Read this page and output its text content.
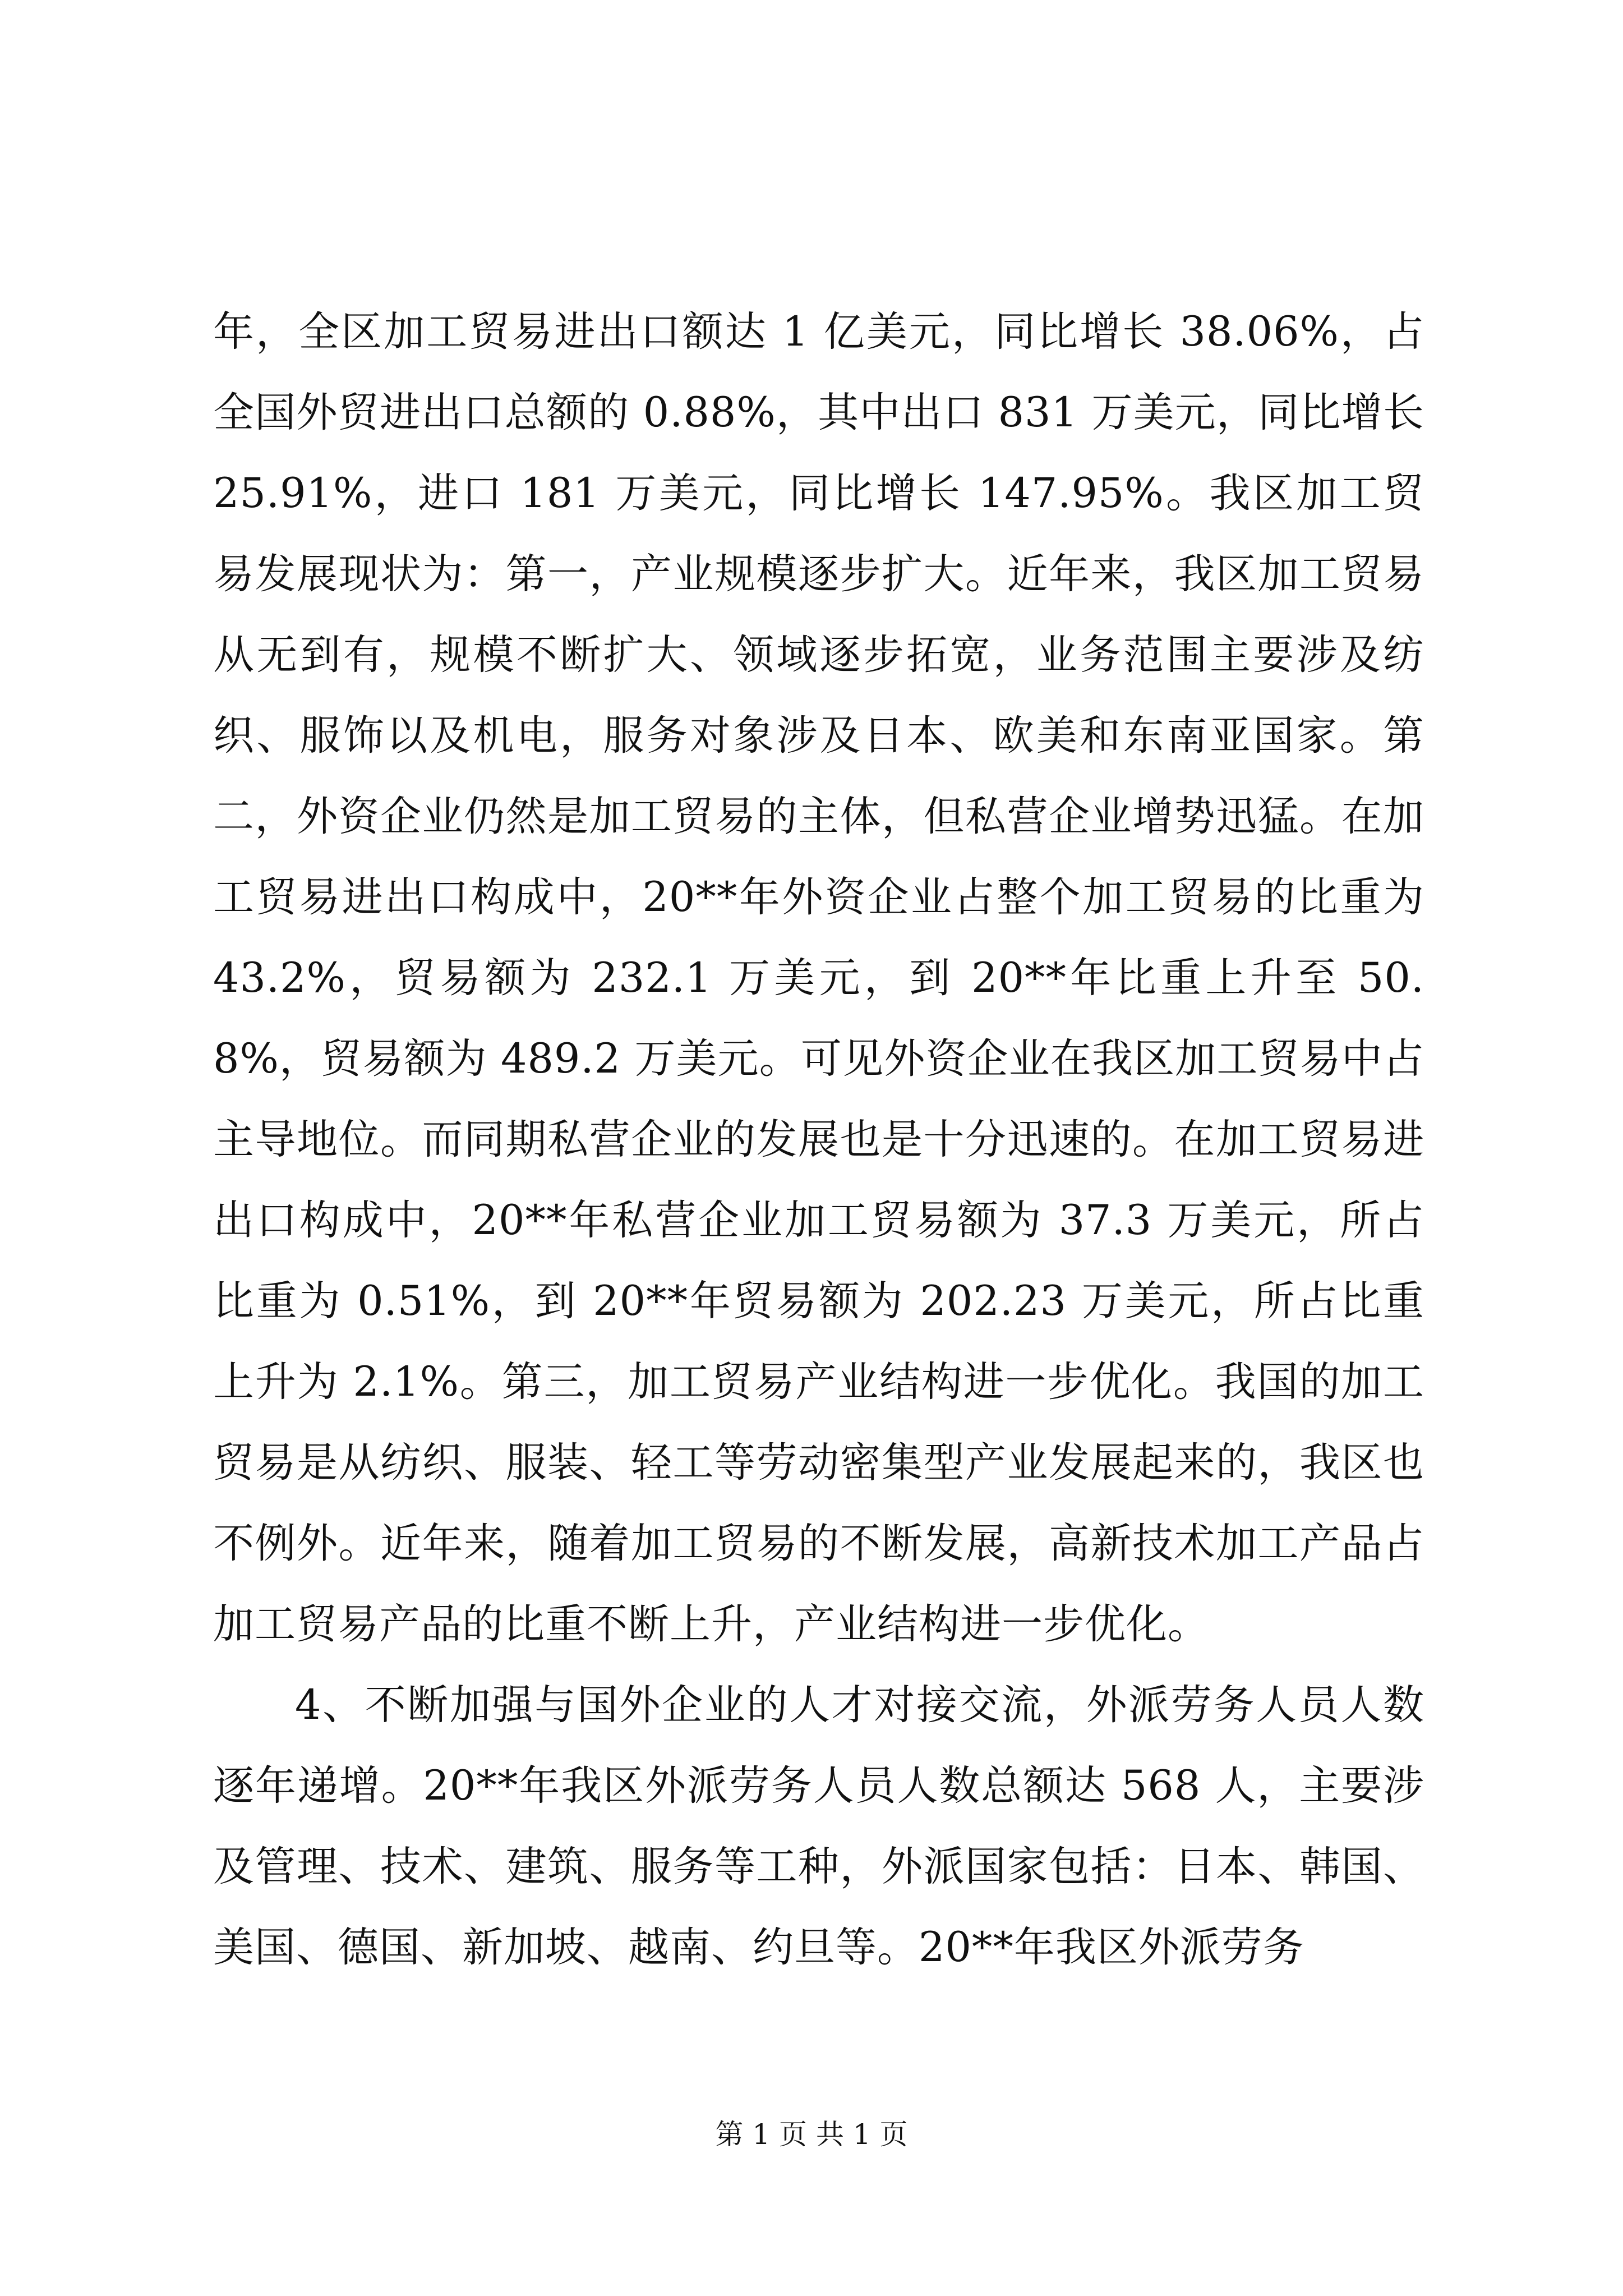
年，全区加工贸易进出口额达 1 亿美元，同比增长 38.06%，占全国外贸进出口总额的 0.88%，其中出口 831 万美元，同比增长 25.91%，进口 181 万美元，同比增长 147.95%。我区加工贸易发展现状为：第一，产业规模逐步扩大。近年来，我区加工贸易从无到有，规模不断扩大、领域逐步拓宽，业务范围主要涉及纺织、服饰以及机电，服务对象涉及日本、欧美和东南亚国家。第二，外资企业仍然是加工贸易的主体，但私营企业增势迅猛。在加工贸易进出口构成中，20**年外资企业占整个加工贸易的比重为 43.2%，贸易额为 232.1 万美元，到 20**年比重上升至 50.8%，贸易额为 489.2 万美元。可见外资企业在我区加工贸易中占主导地位。而同期私营企业的发展也是十分迅速的。在加工贸易进出口构成中，20**年私营企业加工贸易额为 37.3 万美元，所占比重为 0.51%，到 20**年贸易额为 202.23 万美元，所占比重上升为 2.1%。第三，加工贸易产业结构进一步优化。我国的加工贸易是从纺织、服装、轻工等劳动密集型产业发展起来的，我区也不例外。近年来，随着加工贸易的不断发展，高新技术加工产品占加工贸易产品的比重不断上升，产业结构进一步优化。

4、不断加强与国外企业的人才对接交流，外派劳务人员人数逐年递增。20**年我区外派劳务人员人数总额达 568 人，主要涉及管理、技术、建筑、服务等工种，外派国家包括：日本、韩国、美国、德国、新加坡、越南、约旦等。20**年我区外派劳务

第 1 页 共 1 页
